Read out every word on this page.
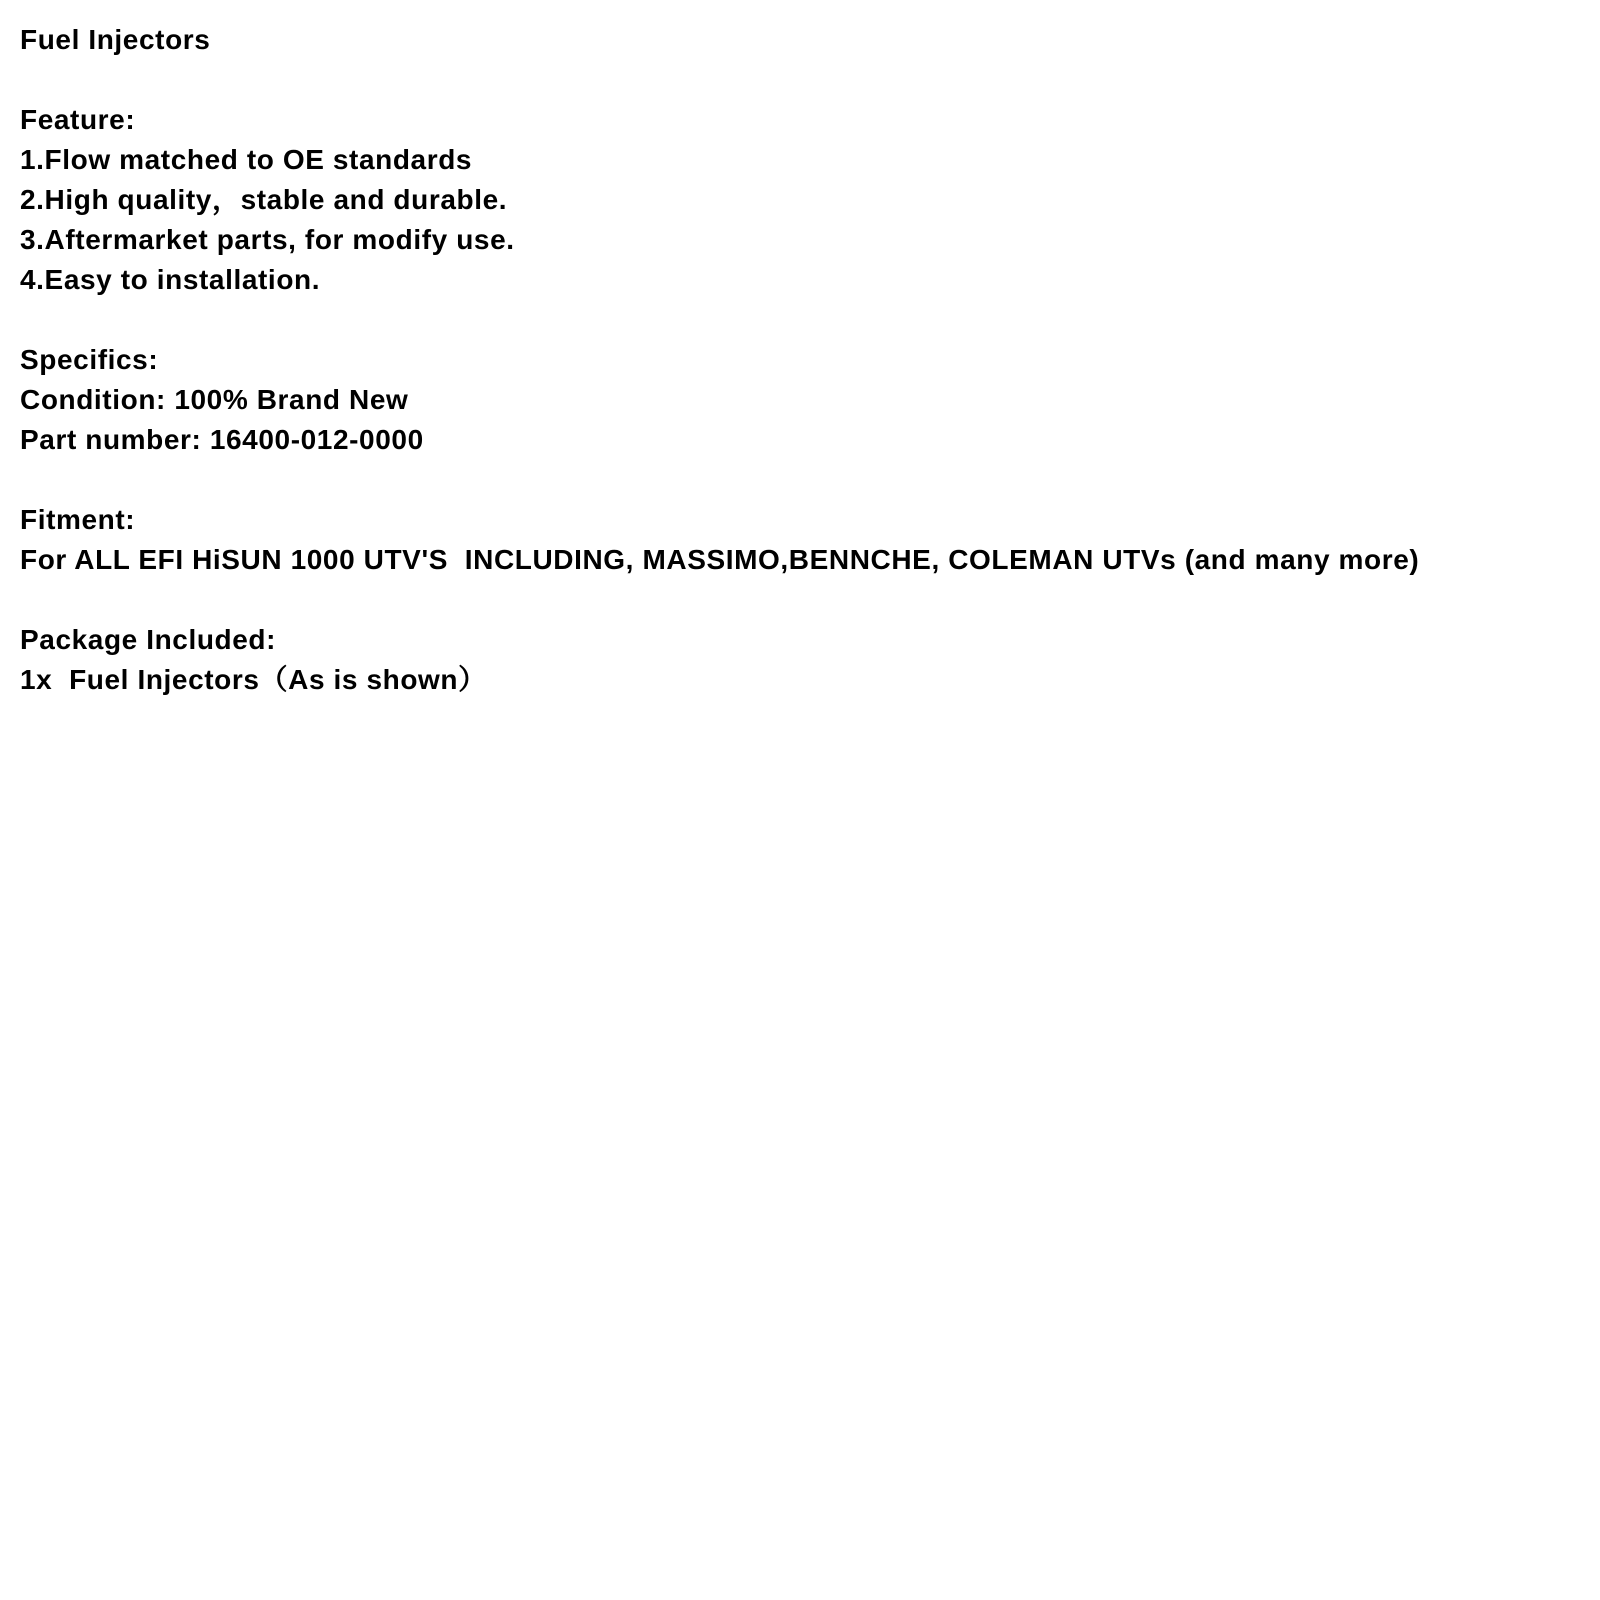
Fuel Injectors
Feature:
1.Flow matched to OE standards
2.High quality，stable and durable.
3.Aftermarket parts, for modify use.
4.Easy to installation.
Specifics:
Condition: 100% Brand New
Part number: 16400-012-0000
Fitment:
For ALL EFI HiSUN 1000 UTV'S  INCLUDING, MASSIMO,BENNCHE, COLEMAN UTVs (and many more)
Package Included:
1x  Fuel Injectors（As is shown）
